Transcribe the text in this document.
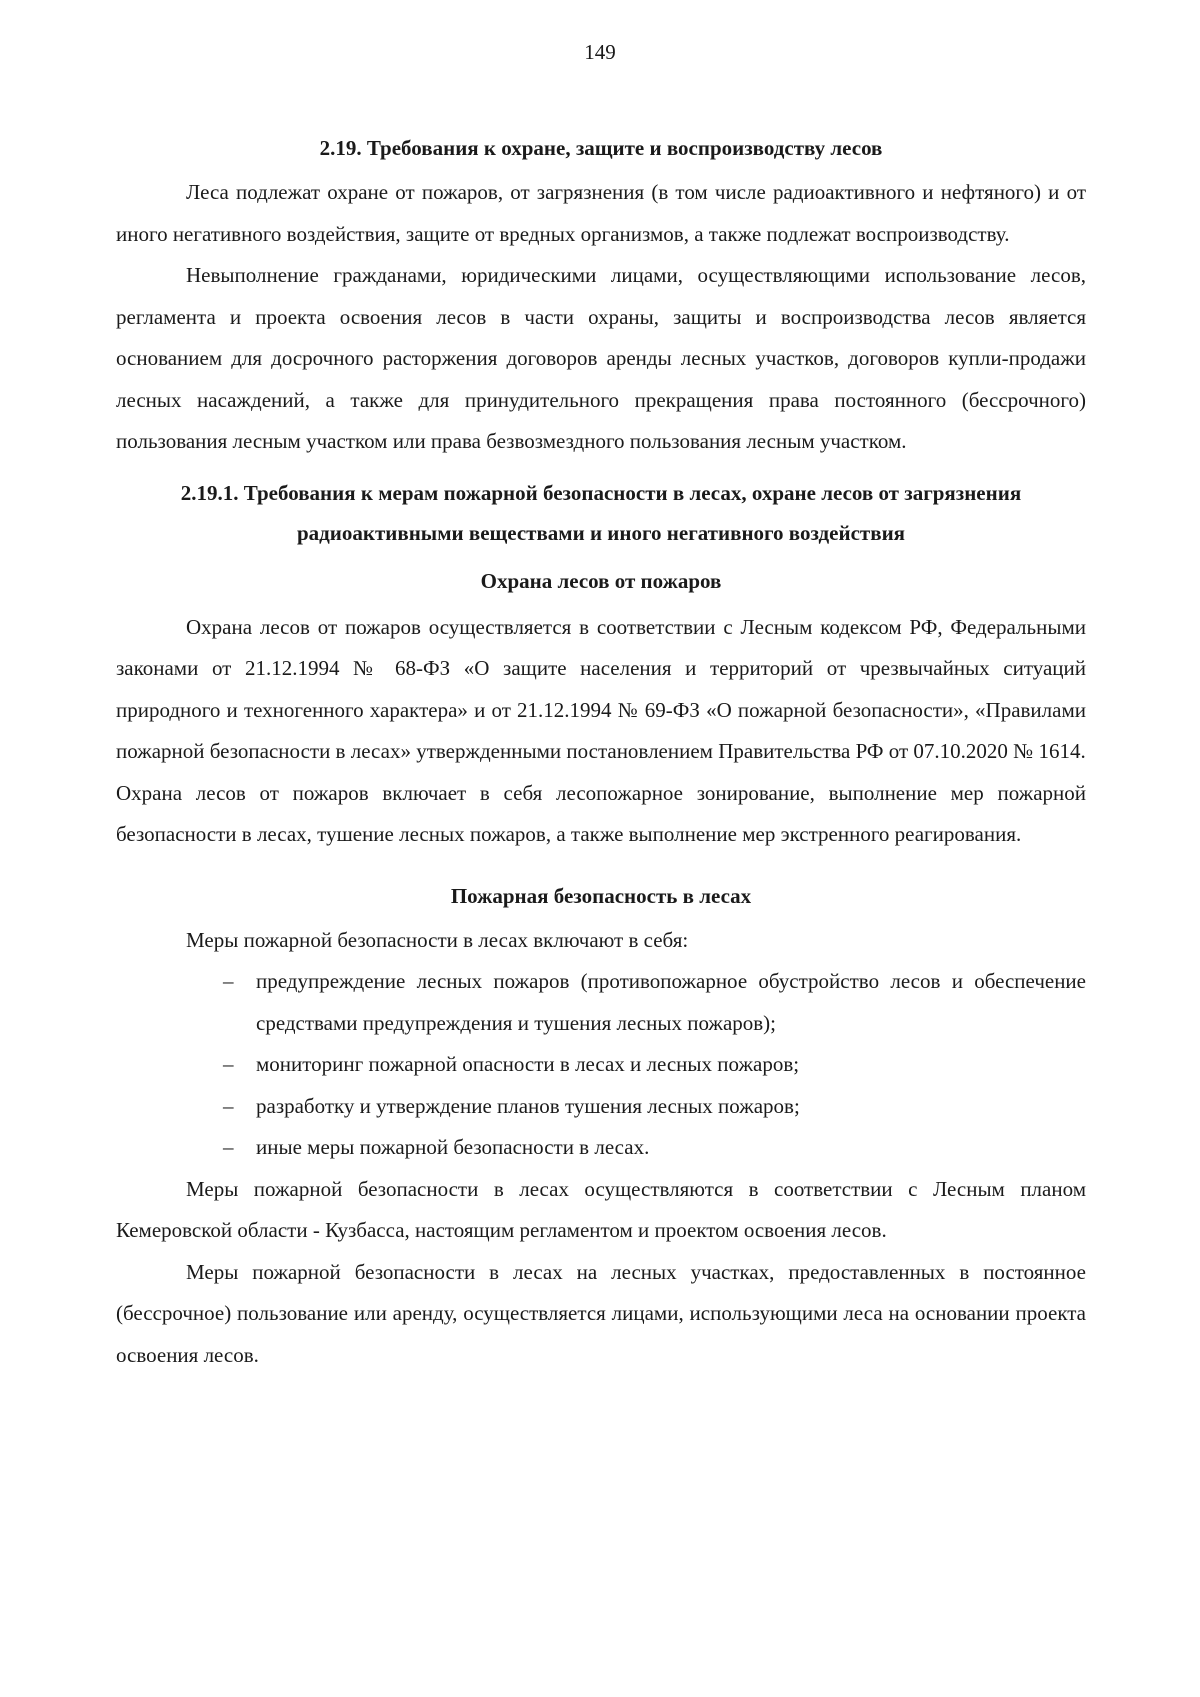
149
2.19. Требования к охране, защите и воспроизводству лесов

Леса подлежат охране от пожаров, от загрязнения (в том числе радиоактивного и нефтяного) и от иного негативного воздействия, защите от вредных организмов, а также подлежат воспроизводству.

Невыполнение гражданами, юридическими лицами, осуществляющими использование лесов, регламента и проекта освоения лесов в части охраны, защиты и воспроизводства лесов является основанием для досрочного расторжения договоров аренды лесных участков, договоров купли-продажи лесных насаждений, а также для принудительного прекращения права постоянного (бессрочного) пользования лесным участком или права безвозмездного пользования лесным участком.

2.19.1. Требования к мерам пожарной безопасности в лесах, охране лесов от загрязнения радиоактивными веществами и иного негативного воздействия
Охрана лесов от пожаров

Охрана лесов от пожаров осуществляется в соответствии с Лесным кодексом РФ, Федеральными законами от 21.12.1994 № 68-ФЗ «О защите населения и территорий от чрезвычайных ситуаций природного и техногенного характера» и от 21.12.1994 № 69-ФЗ «О пожарной безопасности», «Правилами пожарной безопасности в лесах» утвержденными постановлением Правительства РФ от 07.10.2020 № 1614.

Охрана лесов от пожаров включает в себя лесопожарное зонирование, выполнение мер пожарной безопасности в лесах, тушение лесных пожаров, а также выполнение мер экстренного реагирования.

Пожарная безопасность в лесах

Меры пожарной безопасности в лесах включают в себя:

– предупреждение лесных пожаров (противопожарное обустройство лесов и обеспечение средствами предупреждения и тушения лесных пожаров);
– мониторинг пожарной опасности в лесах и лесных пожаров;
– разработку и утверждение планов тушения лесных пожаров;
– иные меры пожарной безопасности в лесах.

Меры пожарной безопасности в лесах осуществляются в соответствии с Лесным планом Кемеровской области - Кузбасса, настоящим регламентом и проектом освоения лесов.

Меры пожарной безопасности в лесах на лесных участках, предоставленных в постоянное (бессрочное) пользование или аренду, осуществляется лицами, использующими леса на основании проекта освоения лесов.
